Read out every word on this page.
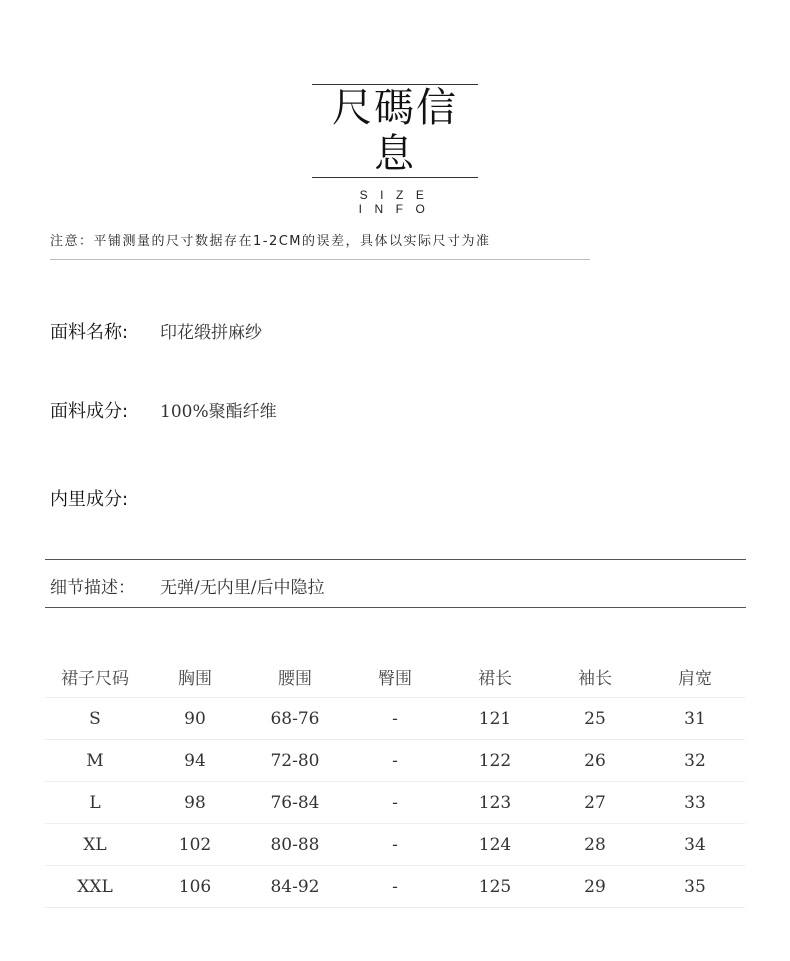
尺碼信息
SIZE INFO
注意：平铺测量的尺寸数据存在1-2CM的误差，具体以实际尺寸为准
面料名称: 印花缎拼麻纱
面料成分: 100%聚酯纤维
内里成分:
细节描述： 无弹/无内里/后中隐拉
裙子尺码	胸围	腰围	臀围	裙长	袖长	肩宽
S	90	68-76	-	121	25	31
M	94	72-80	-	122	26	32
L	98	76-84	-	123	27	33
XL	102	80-88	-	124	28	34
XXL	106	84-92	-	125	29	35
